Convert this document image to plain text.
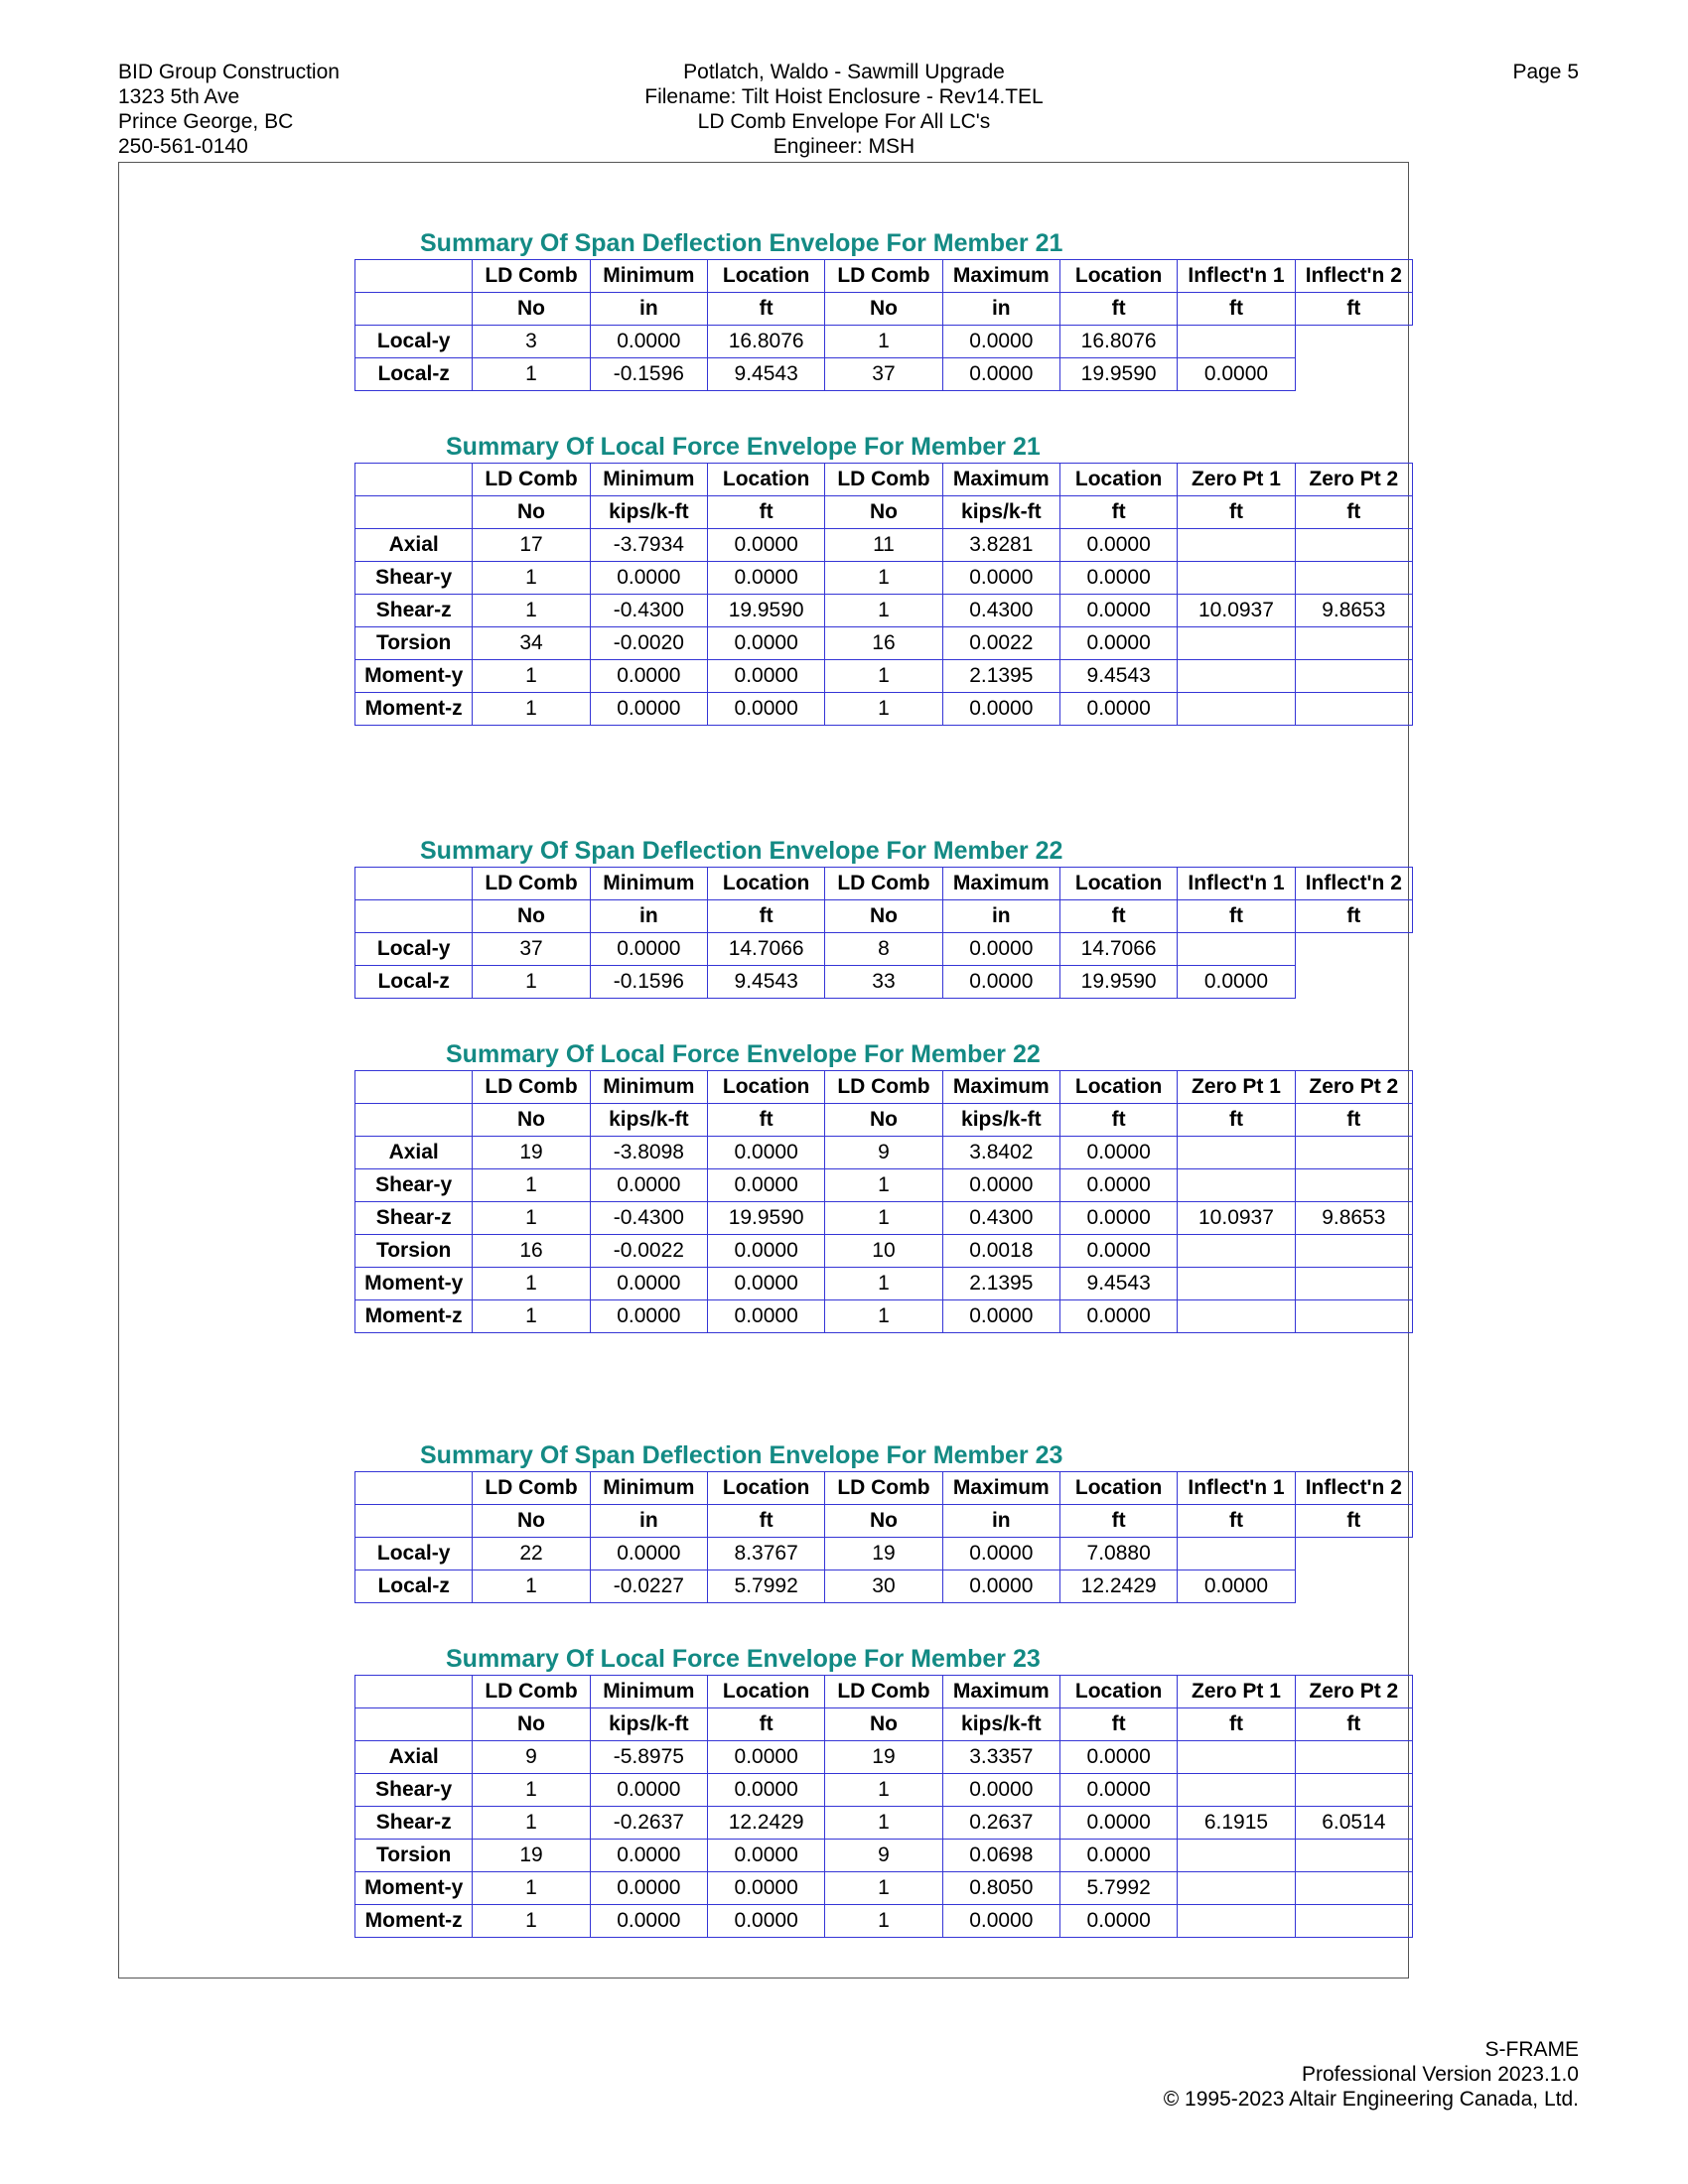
BID Group Construction
1323 5th Ave
Prince George, BC
250-561-0140
Potlatch, Waldo - Sawmill Upgrade
Filename: Tilt Hoist Enclosure - Rev14.TEL
LD Comb Envelope For All LC's
Engineer: MSH
Page 5
Summary Of Span Deflection Envelope For Member 21
	LD Comb	Minimum	Location	LD Comb	Maximum	Location	Inflect'n 1	Inflect'n 2
	No	in	ft	No	in	ft	ft	ft
Local-y	3	0.0000	16.8076	1	0.0000	16.8076		
Local-z	1	-0.1596	9.4543	37	0.0000	19.9590	0.0000	
Summary Of Local Force Envelope For Member 21
	LD Comb	Minimum	Location	LD Comb	Maximum	Location	Zero Pt 1	Zero Pt 2
	No	kips/k-ft	ft	No	kips/k-ft	ft	ft	ft
Axial	17	-3.7934	0.0000	11	3.8281	0.0000		
Shear-y	1	0.0000	0.0000	1	0.0000	0.0000		
Shear-z	1	-0.4300	19.9590	1	0.4300	0.0000	10.0937	9.8653
Torsion	34	-0.0020	0.0000	16	0.0022	0.0000		
Moment-y	1	0.0000	0.0000	1	2.1395	9.4543		
Moment-z	1	0.0000	0.0000	1	0.0000	0.0000		
Summary Of Span Deflection Envelope For Member 22
	LD Comb	Minimum	Location	LD Comb	Maximum	Location	Inflect'n 1	Inflect'n 2
	No	in	ft	No	in	ft	ft	ft
Local-y	37	0.0000	14.7066	8	0.0000	14.7066		
Local-z	1	-0.1596	9.4543	33	0.0000	19.9590	0.0000	
Summary Of Local Force Envelope For Member 22
	LD Comb	Minimum	Location	LD Comb	Maximum	Location	Zero Pt 1	Zero Pt 2
	No	kips/k-ft	ft	No	kips/k-ft	ft	ft	ft
Axial	19	-3.8098	0.0000	9	3.8402	0.0000		
Shear-y	1	0.0000	0.0000	1	0.0000	0.0000		
Shear-z	1	-0.4300	19.9590	1	0.4300	0.0000	10.0937	9.8653
Torsion	16	-0.0022	0.0000	10	0.0018	0.0000		
Moment-y	1	0.0000	0.0000	1	2.1395	9.4543		
Moment-z	1	0.0000	0.0000	1	0.0000	0.0000		
Summary Of Span Deflection Envelope For Member 23
	LD Comb	Minimum	Location	LD Comb	Maximum	Location	Inflect'n 1	Inflect'n 2
	No	in	ft	No	in	ft	ft	ft
Local-y	22	0.0000	8.3767	19	0.0000	7.0880		
Local-z	1	-0.0227	5.7992	30	0.0000	12.2429	0.0000	
Summary Of Local Force Envelope For Member 23
	LD Comb	Minimum	Location	LD Comb	Maximum	Location	Zero Pt 1	Zero Pt 2
	No	kips/k-ft	ft	No	kips/k-ft	ft	ft	ft
Axial	9	-5.8975	0.0000	19	3.3357	0.0000		
Shear-y	1	0.0000	0.0000	1	0.0000	0.0000		
Shear-z	1	-0.2637	12.2429	1	0.2637	0.0000	6.1915	6.0514
Torsion	19	0.0000	0.0000	9	0.0698	0.0000		
Moment-y	1	0.0000	0.0000	1	0.8050	5.7992		
Moment-z	1	0.0000	0.0000	1	0.0000	0.0000		
S-FRAME
Professional Version 2023.1.0
© 1995-2023 Altair Engineering Canada, Ltd.
